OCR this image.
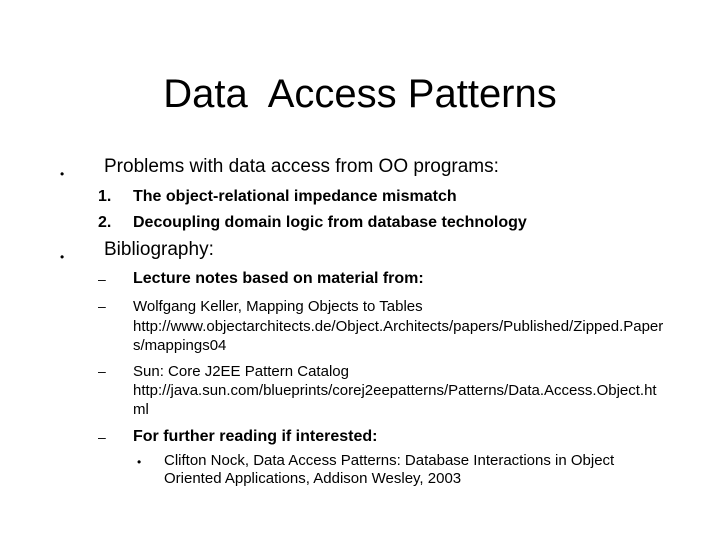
Data  Access Patterns
• Problems with data access from OO programs:
1. The object-relational impedance mismatch
2. Decoupling domain logic from database technology
• Bibliography:
– Lecture notes based on material from:
– Wolfgang Keller, Mapping Objects to Tables
http://www.objectarchitects.de/Object.Architects/papers/Published/Zipped.Paper
s/mappings04
– Sun: Core J2EE Pattern Catalog
http://java.sun.com/blueprints/corej2eepatterns/Patterns/Data.Access.Object.ht
ml
– For further reading if interested:
• Clifton Nock, Data Access Patterns: Database Interactions in Object
Oriented Applications, Addison Wesley, 2003
